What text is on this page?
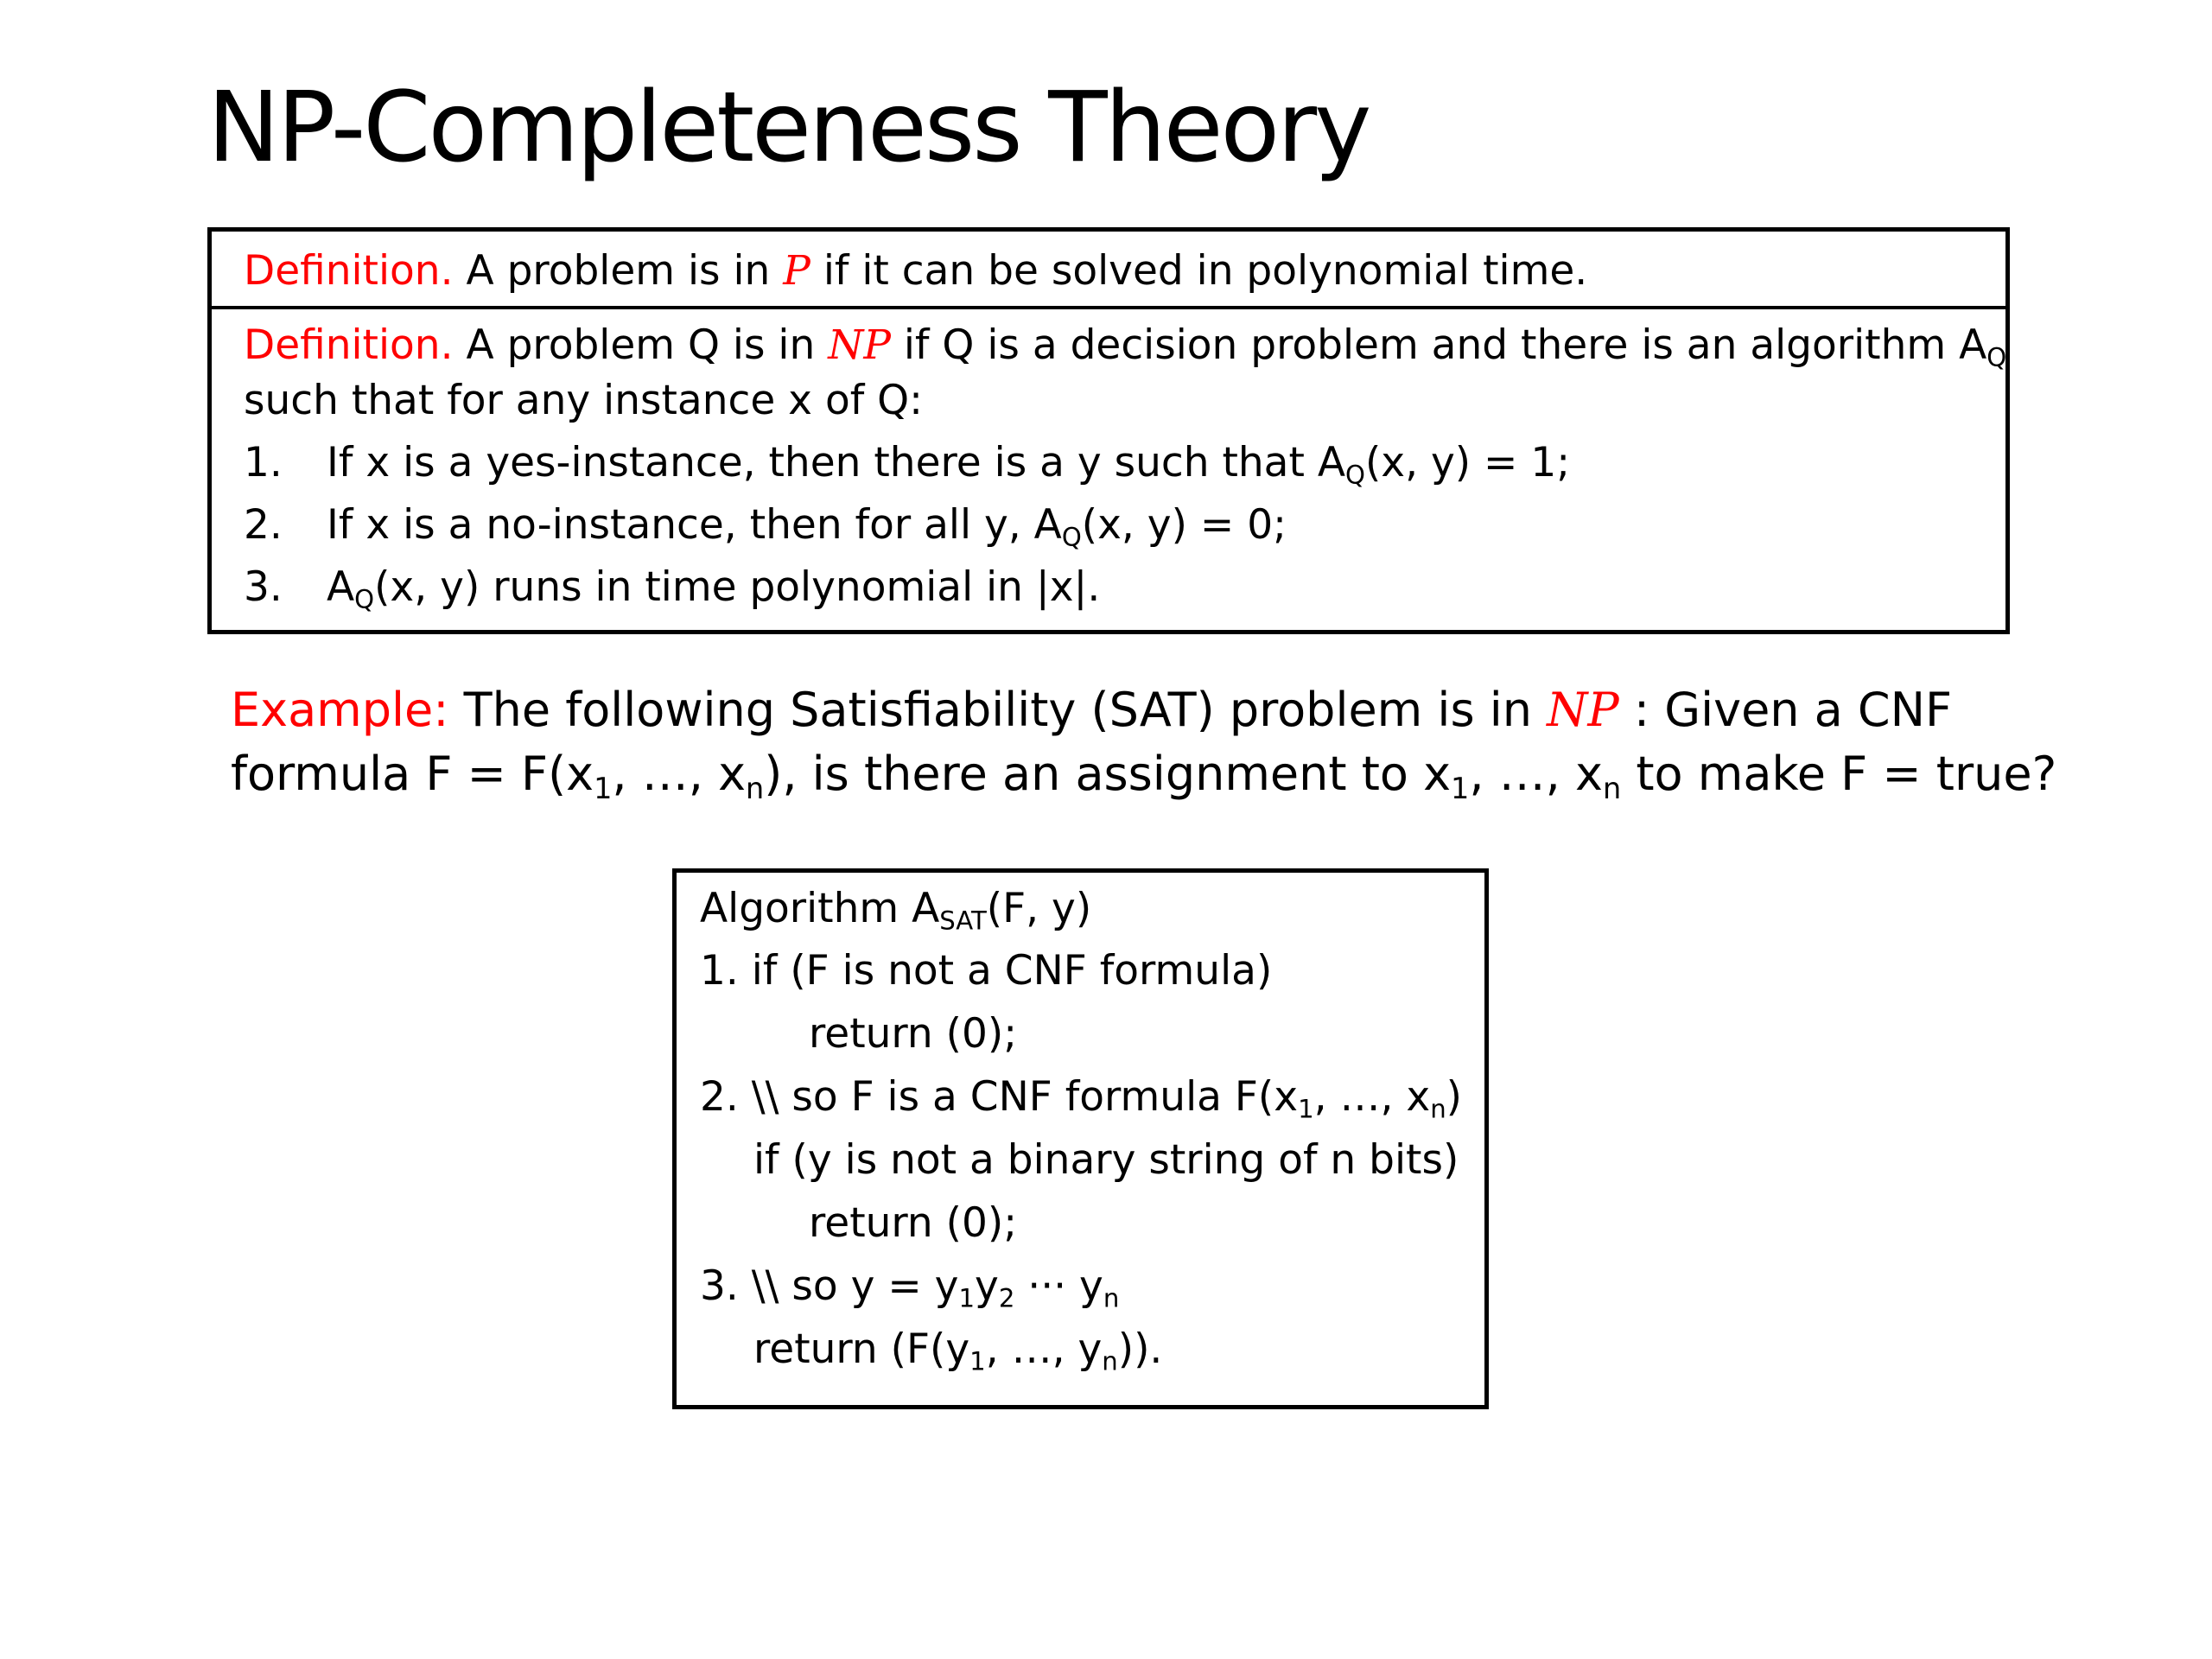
NP-Completeness Theory
Definition. A problem is in P if it can be solved in polynomial time.
Definition. A problem Q is in NP if Q is a decision problem and there is an algorithm $A_Q$
such that for any instance x of Q:
1. If x is a yes-instance, then there is a y such that $A_Q(x$, y) = 1;
2. If x is a no-instance, then for all y, $A_Q(x$, y) = 0;
3. $A_Q(x$, y) runs in time polynomial in |x|.
Example: The following Satisfiability (SAT) problem is in NP : Given a CNF
formula $F = F(x_1$, …, $x_n$), is there an assignment to $x_1$, …, $x_n$ to make F = true?
Algorithm $A_{SAT}(F$, y)
1. if (F is not a CNF formula)
return (0);
2. \\ so F is a CNF formula $F(x_1$, …, $x_n$)
if (y is not a binary string of n bits)
return (0);
3. \\ so $y = y_1y_2$ ··· $y_n$
return ($F(y_1$, …, $y_n$)).
